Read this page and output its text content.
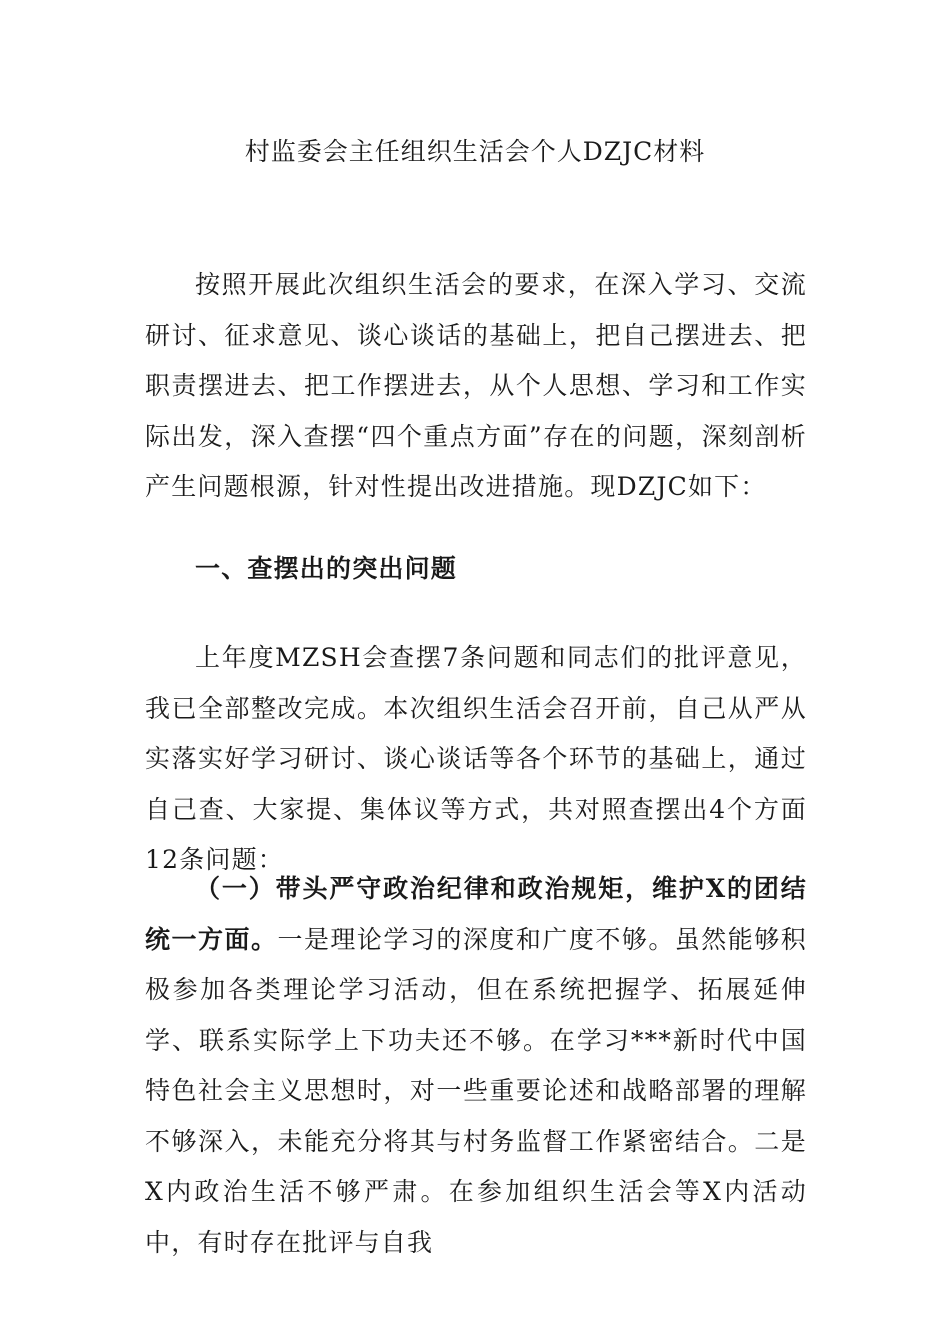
村监委会主任组织生活会个人DZJC材料

按照开展此次组织生活会的要求，在深入学习、交流研讨、征求意见、谈心谈话的基础上，把自己摆进去、把职责摆进去、把工作摆进去，从个人思想、学习和工作实际出发，深入查摆“四个重点方面”存在的问题，深刻剖析产生问题根源，针对性提出改进措施。现DZJC如下：

一、查摆出的突出问题

上年度MZSH会查摆7条问题和同志们的批评意见，我已全部整改完成。本次组织生活会召开前，自己从严从实落实好学习研讨、谈心谈话等各个环节的基础上，通过自己查、大家提、集体议等方式，共对照查摆出4个方面12条问题：

（一）带头严守政治纪律和政治规矩，维护X的团结统一方面。一是理论学习的深度和广度不够。虽然能够积极参加各类理论学习活动，但在系统把握学、拓展延伸学、联系实际学上下功夫还不够。在学习***新时代中国特色社会主义思想时，对一些重要论述和战略部署的理解不够深入，未能充分将其与村务监督工作紧密结合。二是X内政治生活不够严肃。在参加组织生活会等X内活动中，有时存在批评与自我
